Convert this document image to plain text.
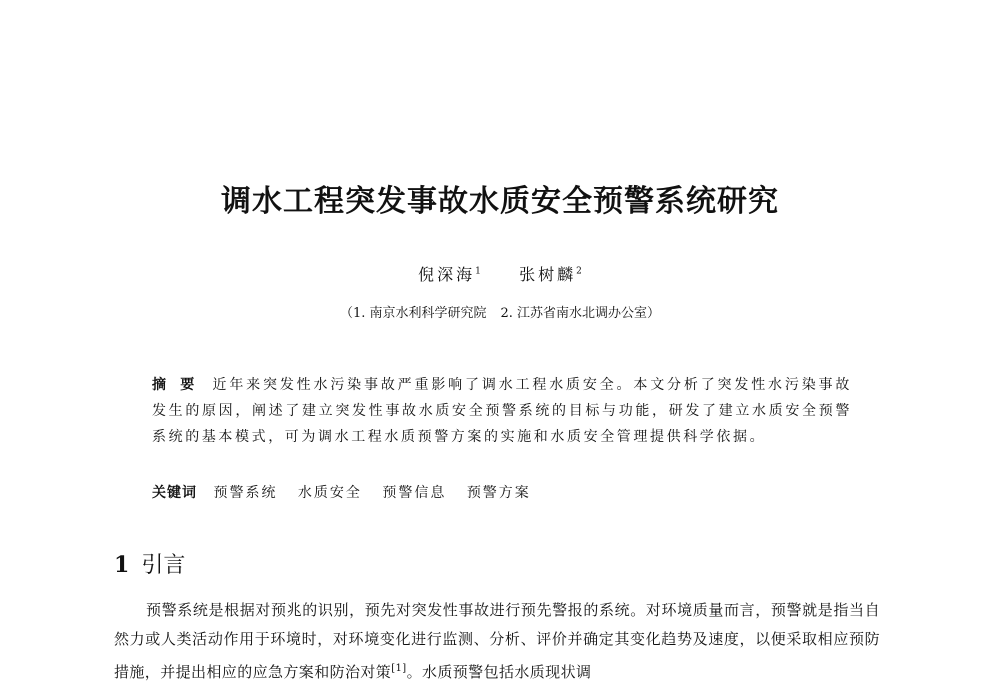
调水工程突发事故水质安全预警系统研究
倪深海$^1$ 张树麟$^2$
（1. 南京水利科学研究院 2. 江苏省南水北调办公室）
摘要 近年来突发性水污染事故严重影响了调水工程水质安全。本文分析了突发性水污染事故发生的原因，阐述了建立突发性事故水质安全预警系统的目标与功能，研发了建立水质安全预警系统的基本模式，可为调水工程水质预警方案的实施和水质安全管理提供科学依据。
关键词 预警系统 水质安全 预警信息 预警方案
1 引言
预警系统是根据对预兆的识别，预先对突发性事故进行预先警报的系统。对环境质量而言，预警就是指当自然力或人类活动作用于环境时，对环境变化进行监测、分析、评价并确定其变化趋势及速度，以便采取相应预防措施，并提出相应的应急方案和防治对策[1]。水质预警包括水质现状调
